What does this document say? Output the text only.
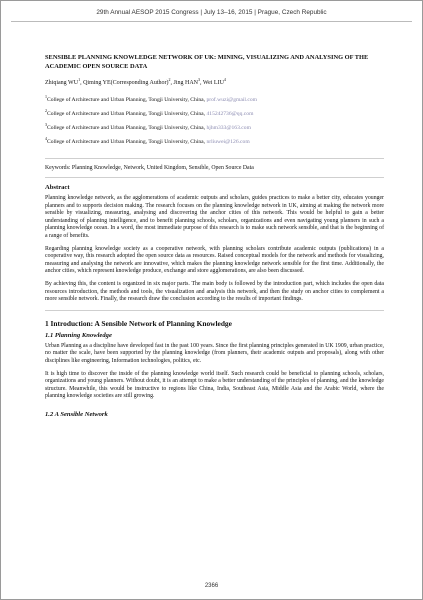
29th Annual AESOP 2015 Congress | July 13–16, 2015 | Prague, Czech Republic

SENSIBLE PLANNING KNOWLEDGE NETWORK OF UK: MINING, VISUALIZING AND ANALYSING OF THE ACADEMIC OPEN SOURCE DATA

Zhiqiang $WU^1$, Qiming YE(Corresponding Author)$^2$, Jing HAN$^3$, Wei LIU$^4$

$^1$College of Architecture and Urban Planning, Tongji University, China, prof.wuzi@gmail.com

$^2$College of Architecture and Urban Planning, Tongji University, China, 415242736@qq.com

$^3$College of Architecture and Urban Planning, Tongji University, China, hjhm333@163.com

$^4$College of Architecture and Urban Planning, Tongji University, China, nrliuwei@126.com

Keywords: Planning Knowledge, Network, United Kingdom, Sensible, Open Source Data

Abstract

Planning knowledge network, as the agglomerations of academic outputs and scholars, guides practices to make a better city, educates younger planners and to supports decision making. The research focuses on the planning knowledge network in UK, aiming at making the network more sensible by visualizing, measuring, analysing and discovering the anchor cities of this network. This would be helpful to gain a better understanding of planning intelligence, and to benefit planning schools, scholars, organizations and even navigating young planners in such a planning knowledge ocean. In a word, the most immediate purpose of this research is to make such network sensible, and that is the beginning of a range of benefits.

Regarding planning knowledge society as a cooperative network, with planning scholars contribute academic outputs (publications) in a cooperative way, this research adopted the open source data as resources. Raised conceptual models for the network and methods for visualizing, measuring and analysing the network are innovative, which makes the planning knowledge network sensible for the first time. Additionally, the anchor cities, which represent knowledge produce, exchange and store agglomerations, are also been discussed.

By achieving this, the content is organized in six major parts. The main body is followed by the introduction part, which includes the open data resources introduction, the methods and tools, the visualization and analysis this network, and then the study on anchor cities to complement a more sensible network. Finally, the research draw the conclusion according to the results of important findings.

1 Introduction: A Sensible Network of Planning Knowledge

1.1 Planning Knowledge

Urban Planning as a discipline have developed fast in the past 100 years. Since the first planning principles generated in UK 1909, urban practice, no matter the scale, have been supported by the planning knowledge (from planners, their academic outputs and proposals), along with other disciplines like engineering, Information technologies, politics, etc.

It is high time to discover the inside of the planning knowledge world itself. Such research could be beneficial to planning schools, scholars, organizations and young planners. Without doubt, it is an attempt to make a better understanding of the principles of planning, and the knowledge structure. Meanwhile, this would be instructive to regions like China, India, Southeast Asia, Middle Asia and the Arabic World, where the planning knowledge societies are still growing.

1.2 A Sensible Network

2366
